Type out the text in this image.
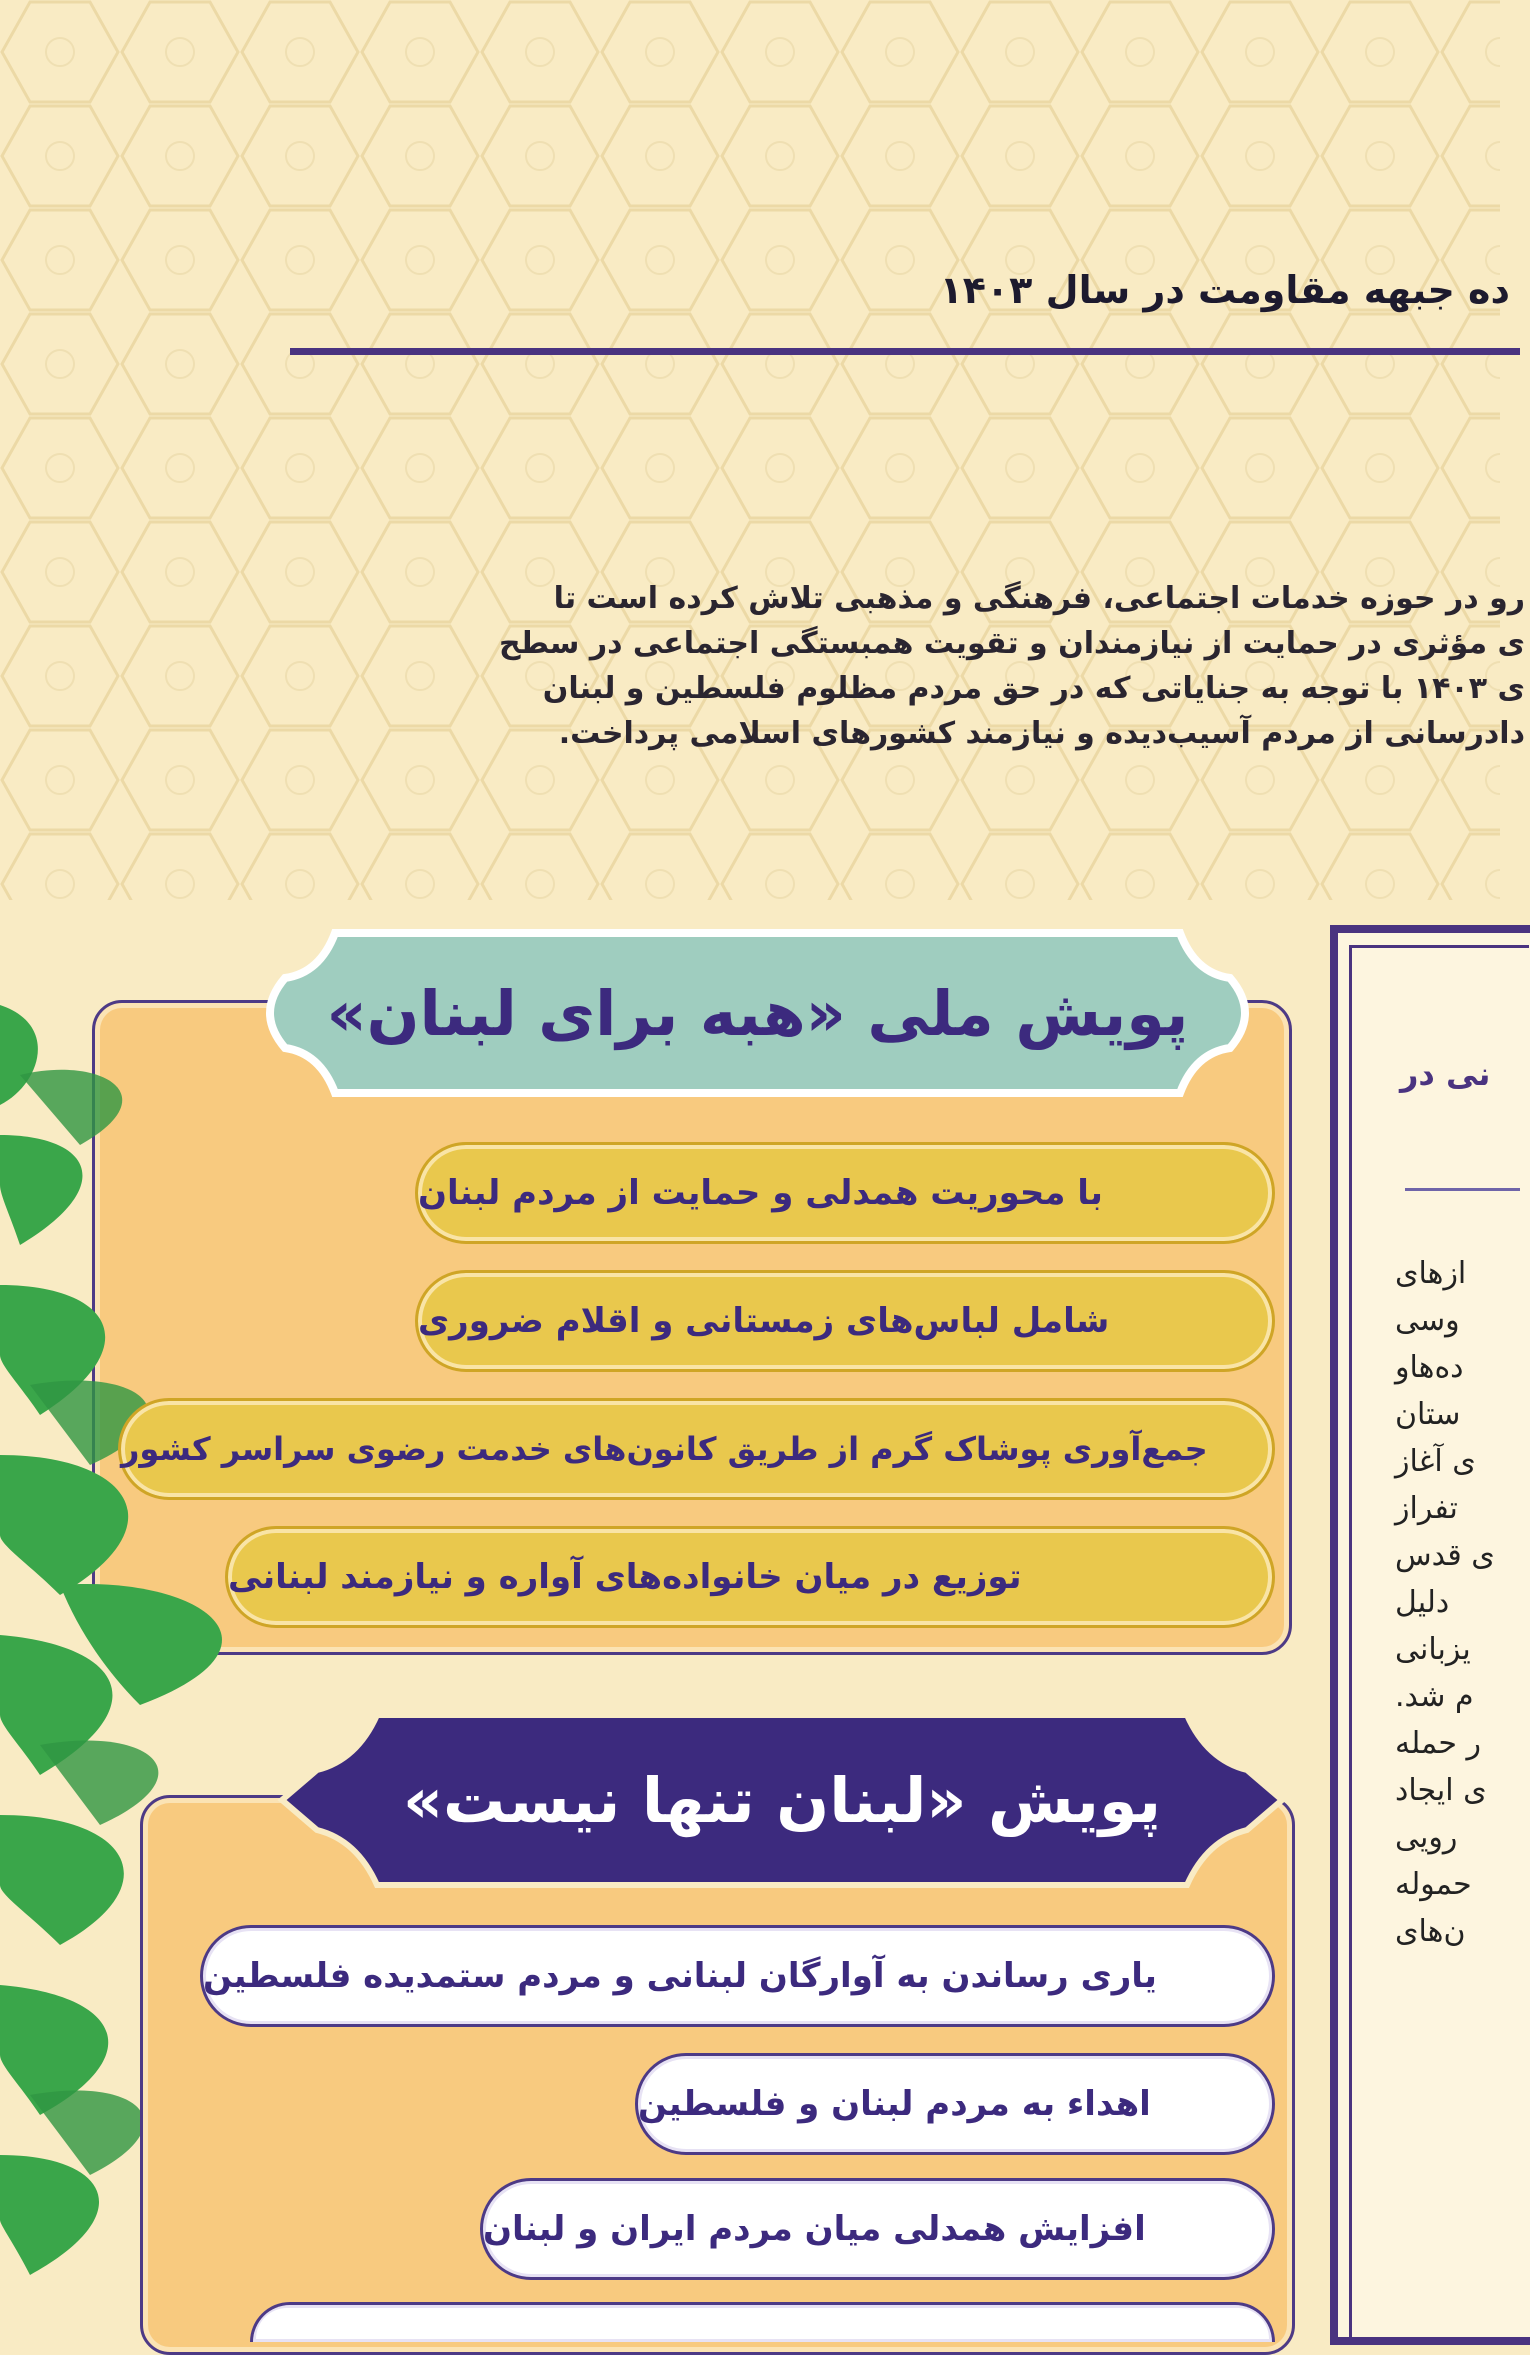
ده جبهه مقاومت در سال ۱۴۰۳
رو در حوزه خدمات اجتماعی، فرهنگی و مذهبی تلاش کرده است تا
ی مؤثری در حمایت از نیازمندان و تقویت همبستگی اجتماعی در سطح
ی ۱۴۰۳ با توجه به جنایاتی که در حق مردم مظلوم فلسطین و لبنان
دادرسانی از مردم آسیب‌دیده و نیازمند کشورهای اسلامی پرداخت.
نی در
ازهای
وسی
ده‌هاو
ستان
ی آغاز
تفراز
ی قدس
دلیل
یزبانی
م شد.
ر حمله
ی ایجاد
رویی
حموله
ن‌های
پویش ملی «هبه برای لبنان»
با محوریت همدلی و حمایت از مردم لبنان
شامل لباس‌های زمستانی و اقلام ضروری
جمع‌آوری پوشاک گرم از طریق کانون‌های خدمت رضوی سراسر کشور
توزیع در میان خانواده‌های آواره و نیازمند لبنانی
پویش «لبنان تنها نیست»
یاری رساندن به آوارگان لبنانی و مردم ستمدیده فلسطین
اهداء به مردم لبنان و فلسطین
افزایش همدلی میان مردم ایران و لبنان
